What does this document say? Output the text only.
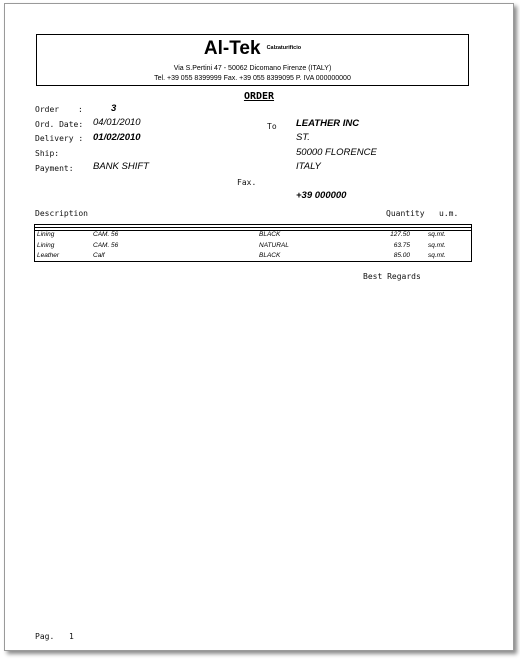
Al-Tek $^{Calzaturificio}$
Via S.Pertini 47 - 50062 Dicomano Firenze (ITALY)
Tel. +39 055 8399999 Fax. +39 055 8399095 P. IVA 000000000
ORDER
Order :	3
Ord. Date: 04/01/2010
Delivery : 01/02/2010
Ship:
Payment: BANK SHIFT
To LEATHER INC
ST.
50000 FLORENCE
ITALY
Fax.
+39 000000
Description	Quantity u.m.
Lining	CAM. 56	BLACK	127.50	sq.mt.
Lining	CAM. 56	NATURAL	63.75	sq.mt.
Leather	Calf	BLACK	85.00	sq.mt.
Best Regards
Pag. 1
